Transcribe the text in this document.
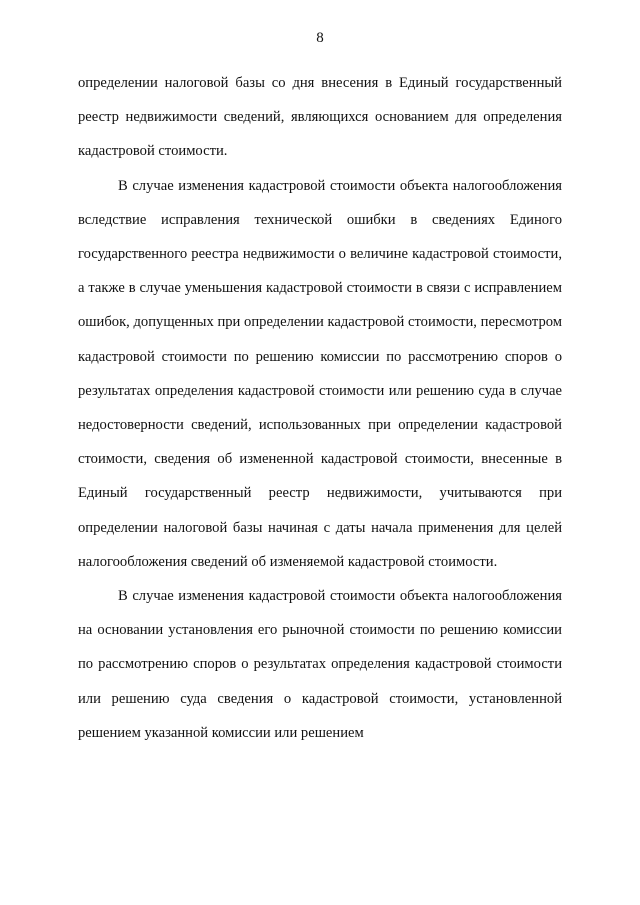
8

определении налоговой базы со дня внесения в Единый государственный реестр недвижимости сведений, являющихся основанием для определения кадастровой стоимости.

В случае изменения кадастровой стоимости объекта налогообложения вследствие исправления технической ошибки в сведениях Единого государственного реестра недвижимости о величине кадастровой стоимости, а также в случае уменьшения кадастровой стоимости в связи с исправлением ошибок, допущенных при определении кадастровой стоимости, пересмотром кадастровой стоимости по решению комиссии по рассмотрению споров о результатах определения кадастровой стоимости или решению суда в случае недостоверности сведений, использованных при определении кадастровой стоимости, сведения об измененной кадастровой стоимости, внесенные в Единый государственный реестр недвижимости, учитываются при определении налоговой базы начиная с даты начала применения для целей налогообложения сведений об изменяемой кадастровой стоимости.

В случае изменения кадастровой стоимости объекта налогообложения на основании установления его рыночной стоимости по решению комиссии по рассмотрению споров о результатах определения кадастровой стоимости или решению суда сведения о кадастровой стоимости, установленной решением указанной комиссии или решением
